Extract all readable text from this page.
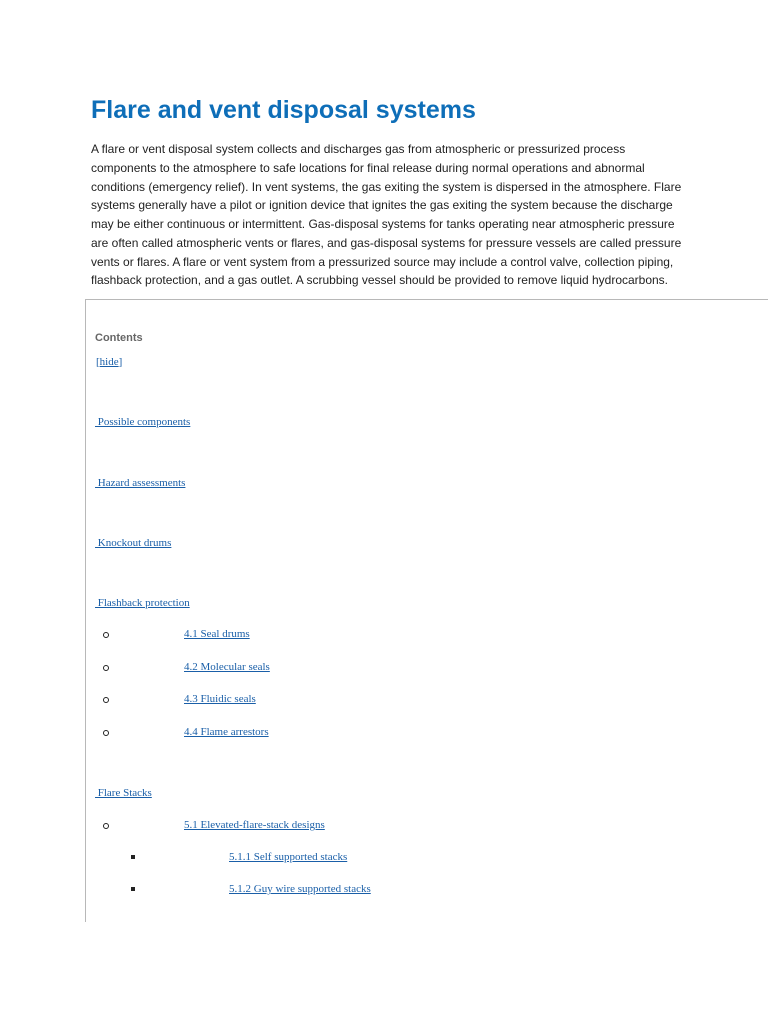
Flare and vent disposal systems
A flare or vent disposal system collects and discharges gas from atmospheric or pressurized process
components to the atmosphere to safe locations for final release during normal operations and abnormal
conditions (emergency relief). In vent systems, the gas exiting the system is dispersed in the atmosphere. Flare
systems generally have a pilot or ignition device that ignites the gas exiting the system because the discharge
may be either continuous or intermittent. Gas-disposal systems for tanks operating near atmospheric pressure
are often called atmospheric vents or flares, and gas-disposal systems for pressure vessels are called pressure
vents or flares. A flare or vent system from a pressurized source may include a control valve, collection piping,
flashback protection, and a gas outlet. A scrubbing vessel should be provided to remove liquid hydrocarbons.
Contents
[hide]
Possible components
Hazard assessments
Knockout drums
Flashback protection
4.1 Seal drums
4.2 Molecular seals
4.3 Fluidic seals
4.4 Flame arrestors
Flare Stacks
5.1 Elevated-flare-stack designs
5.1.1 Self supported stacks
5.1.2 Guy wire supported stacks
